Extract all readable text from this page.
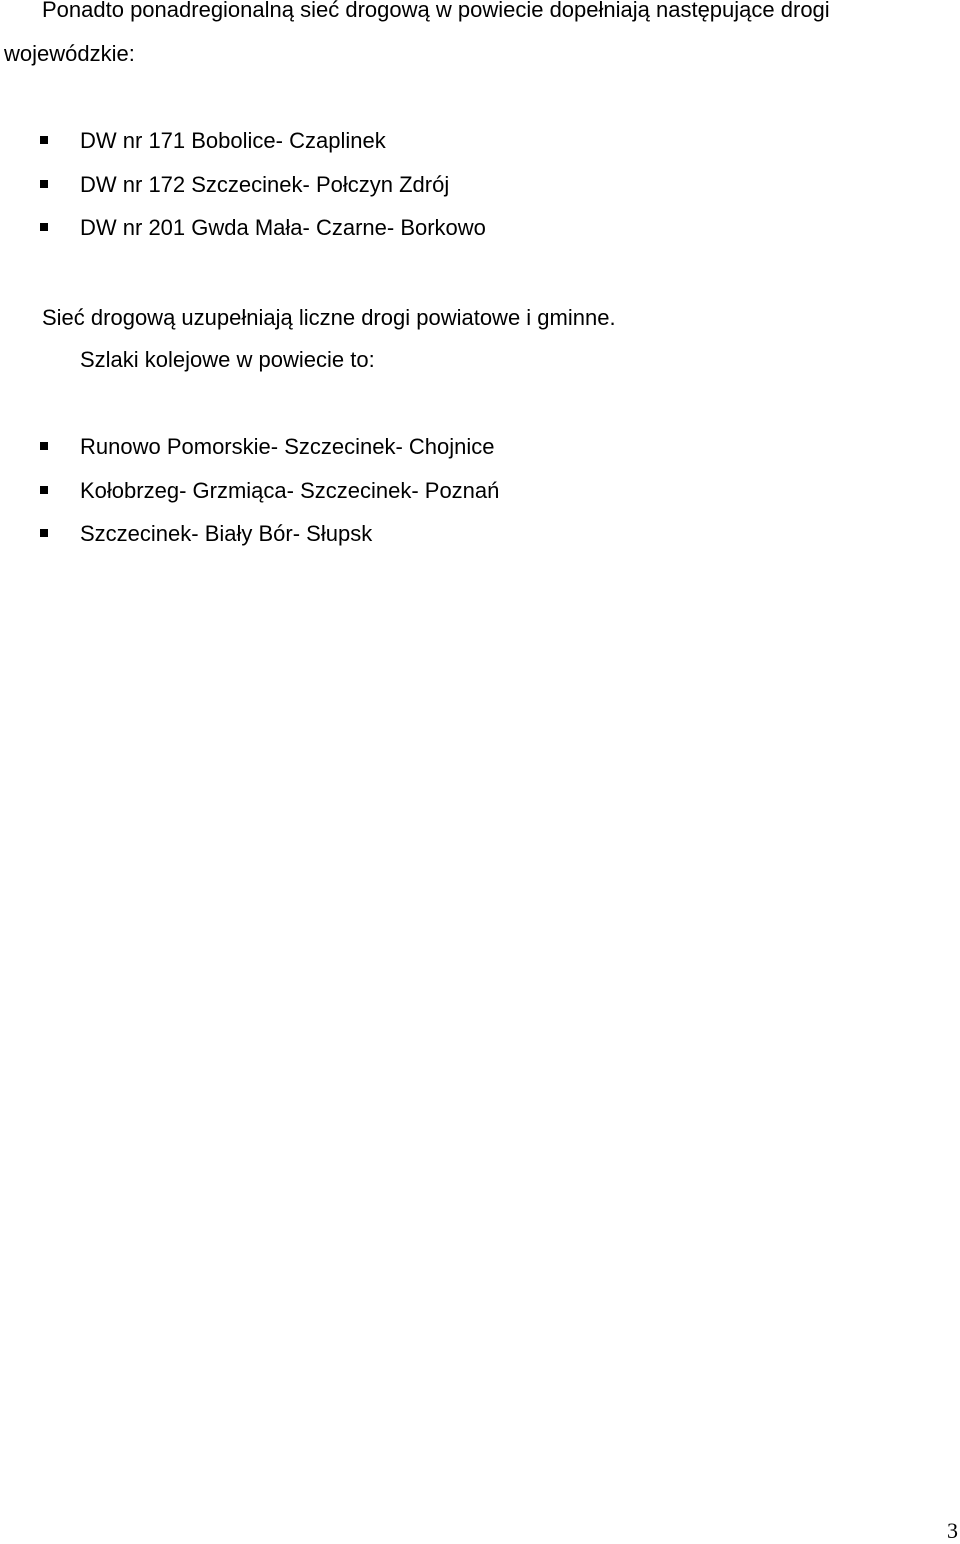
Ponadto ponadregionalną sieć drogową w powiecie dopełniają następujące drogi
wojewódzkie:
DW nr 171 Bobolice- Czaplinek
DW nr 172 Szczecinek- Połczyn Zdrój
DW nr 201 Gwda Mała- Czarne- Borkowo
Sieć drogową uzupełniają liczne drogi powiatowe i gminne.
Szlaki kolejowe w powiecie to:
Runowo Pomorskie- Szczecinek- Chojnice
Kołobrzeg- Grzmiąca- Szczecinek- Poznań
Szczecinek- Biały Bór- Słupsk
3
